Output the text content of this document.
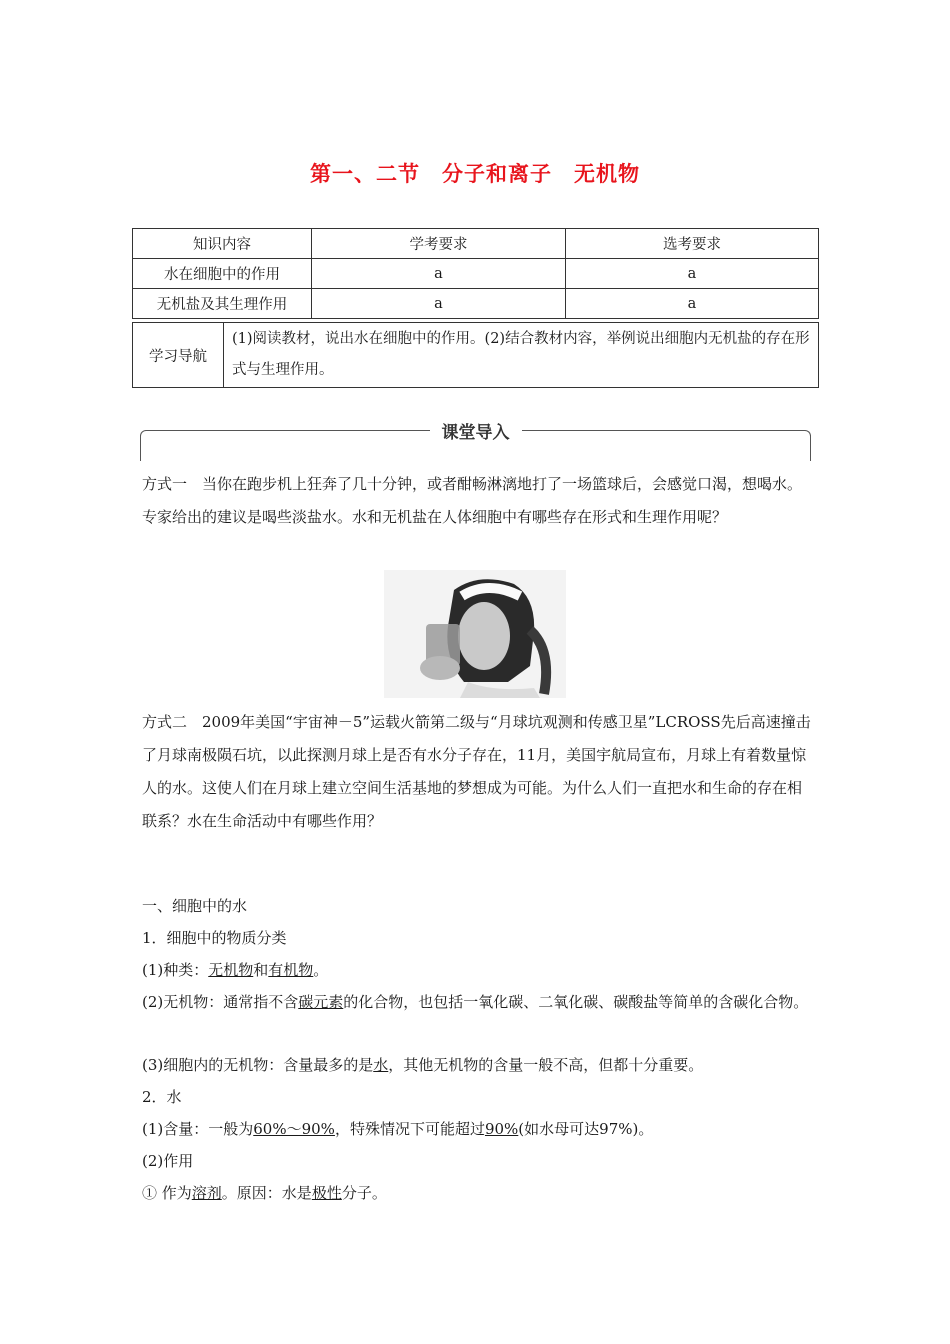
第一、二节　分子和离子　无机物
知识内容	学考要求	选考要求
水在细胞中的作用	a	a
无机盐及其生理作用	a	a
学习导航	(1)阅读教材，说出水在细胞中的作用。(2)结合教材内容，举例说出细胞内无机盐的存在形式与生理作用。
课堂导入
方式一　当你在跑步机上狂奔了几十分钟，或者酣畅淋漓地打了一场篮球后，会感觉口渴，想喝水。专家给出的建议是喝些淡盐水。水和无机盐在人体细胞中有哪些存在形式和生理作用呢？
方式二　2009年美国“宇宙神－5”运载火箭第二级与“月球坑观测和传感卫星”LCROSS先后高速撞击了月球南极陨石坑，以此探测月球上是否有水分子存在，11月，美国宇航局宣布，月球上有着数量惊人的水。这使人们在月球上建立空间生活基地的梦想成为可能。为什么人们一直把水和生命的存在相联系？水在生命活动中有哪些作用？
一、细胞中的水
1．细胞中的物质分类
(1)种类：无机物和有机物。
(2)无机物：通常指不含碳元素的化合物，也包括一氧化碳、二氧化碳、碳酸盐等简单的含碳化合物。
(3)细胞内的无机物：含量最多的是水，其他无机物的含量一般不高，但都十分重要。
2．水
(1)含量：一般为60%～90%，特殊情况下可能超过90%(如水母可达97%)。
(2)作用
① 作为溶剂。原因：水是极性分子。
